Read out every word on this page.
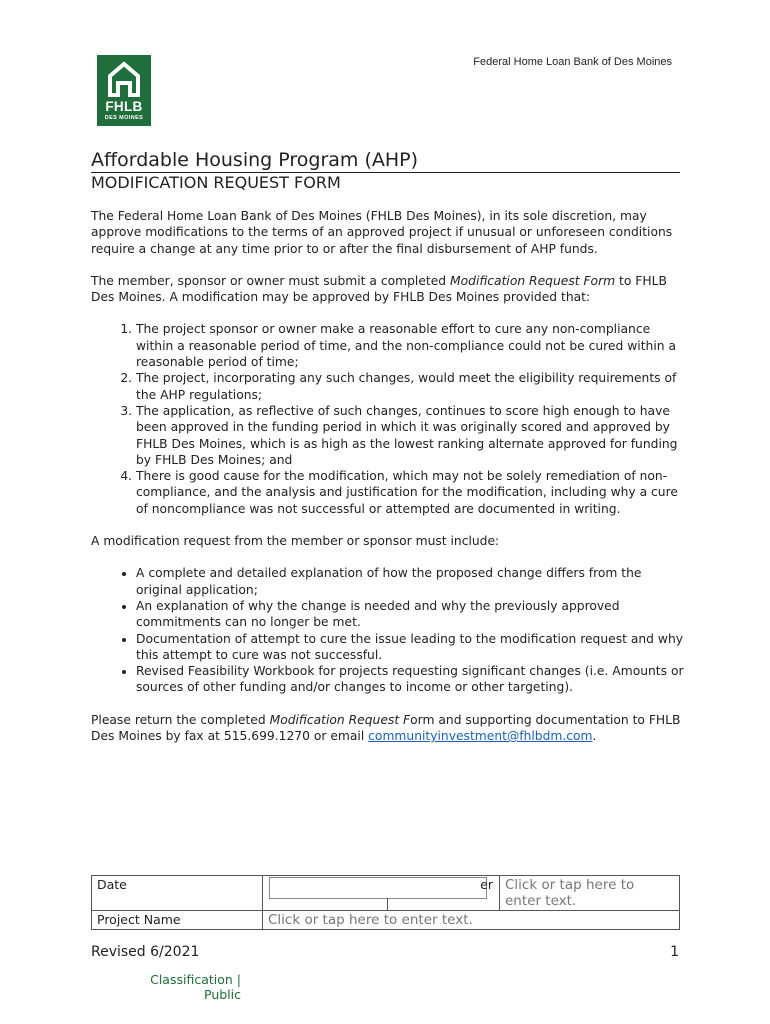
FHLB
DES MOINES
Federal Home Loan Bank of Des Moines
Affordable Housing Program (AHP)
MODIFICATION REQUEST FORM

The Federal Home Loan Bank of Des Moines (FHLB Des Moines), in its sole discretion, may approve modifications to the terms of an approved project if unusual or unforeseen conditions require a change at any time prior to or after the final disbursement of AHP funds.

The member, sponsor or owner must submit a completed Modification Request Form to FHLB Des Moines. A modification may be approved by FHLB Des Moines provided that:

1. The project sponsor or owner make a reasonable effort to cure any non-compliance within a reasonable period of time, and the non-compliance could not be cured within a reasonable period of time;
2. The project, incorporating any such changes, would meet the eligibility requirements of the AHP regulations;
3. The application, as reflective of such changes, continues to score high enough to have been approved in the funding period in which it was originally scored and approved by FHLB Des Moines, which is as high as the lowest ranking alternate approved for funding by FHLB Des Moines; and
4. There is good cause for the modification, which may not be solely remediation of non-compliance, and the analysis and justification for the modification, including why a cure of noncompliance was not successful or attempted are documented in writing.

A modification request from the member or sponsor must include:

• A complete and detailed explanation of how the proposed change differs from the original application;
• An explanation of why the change is needed and why the previously approved commitments can no longer be met.
• Documentation of attempt to cure the issue leading to the modification request and why this attempt to cure was not successful.
• Revised Feasibility Workbook for projects requesting significant changes (i.e. Amounts or sources of other funding and/or changes to income or other targeting).

Please return the completed Modification Request Form and supporting documentation to FHLB Des Moines by fax at 515.699.1270 or email communityinvestment@fhlbdm.com.

Date	er	Click or tap here to enter text.
Project Name	Click or tap here to enter text.	
Revised 6/2021	1
Classification | Public
